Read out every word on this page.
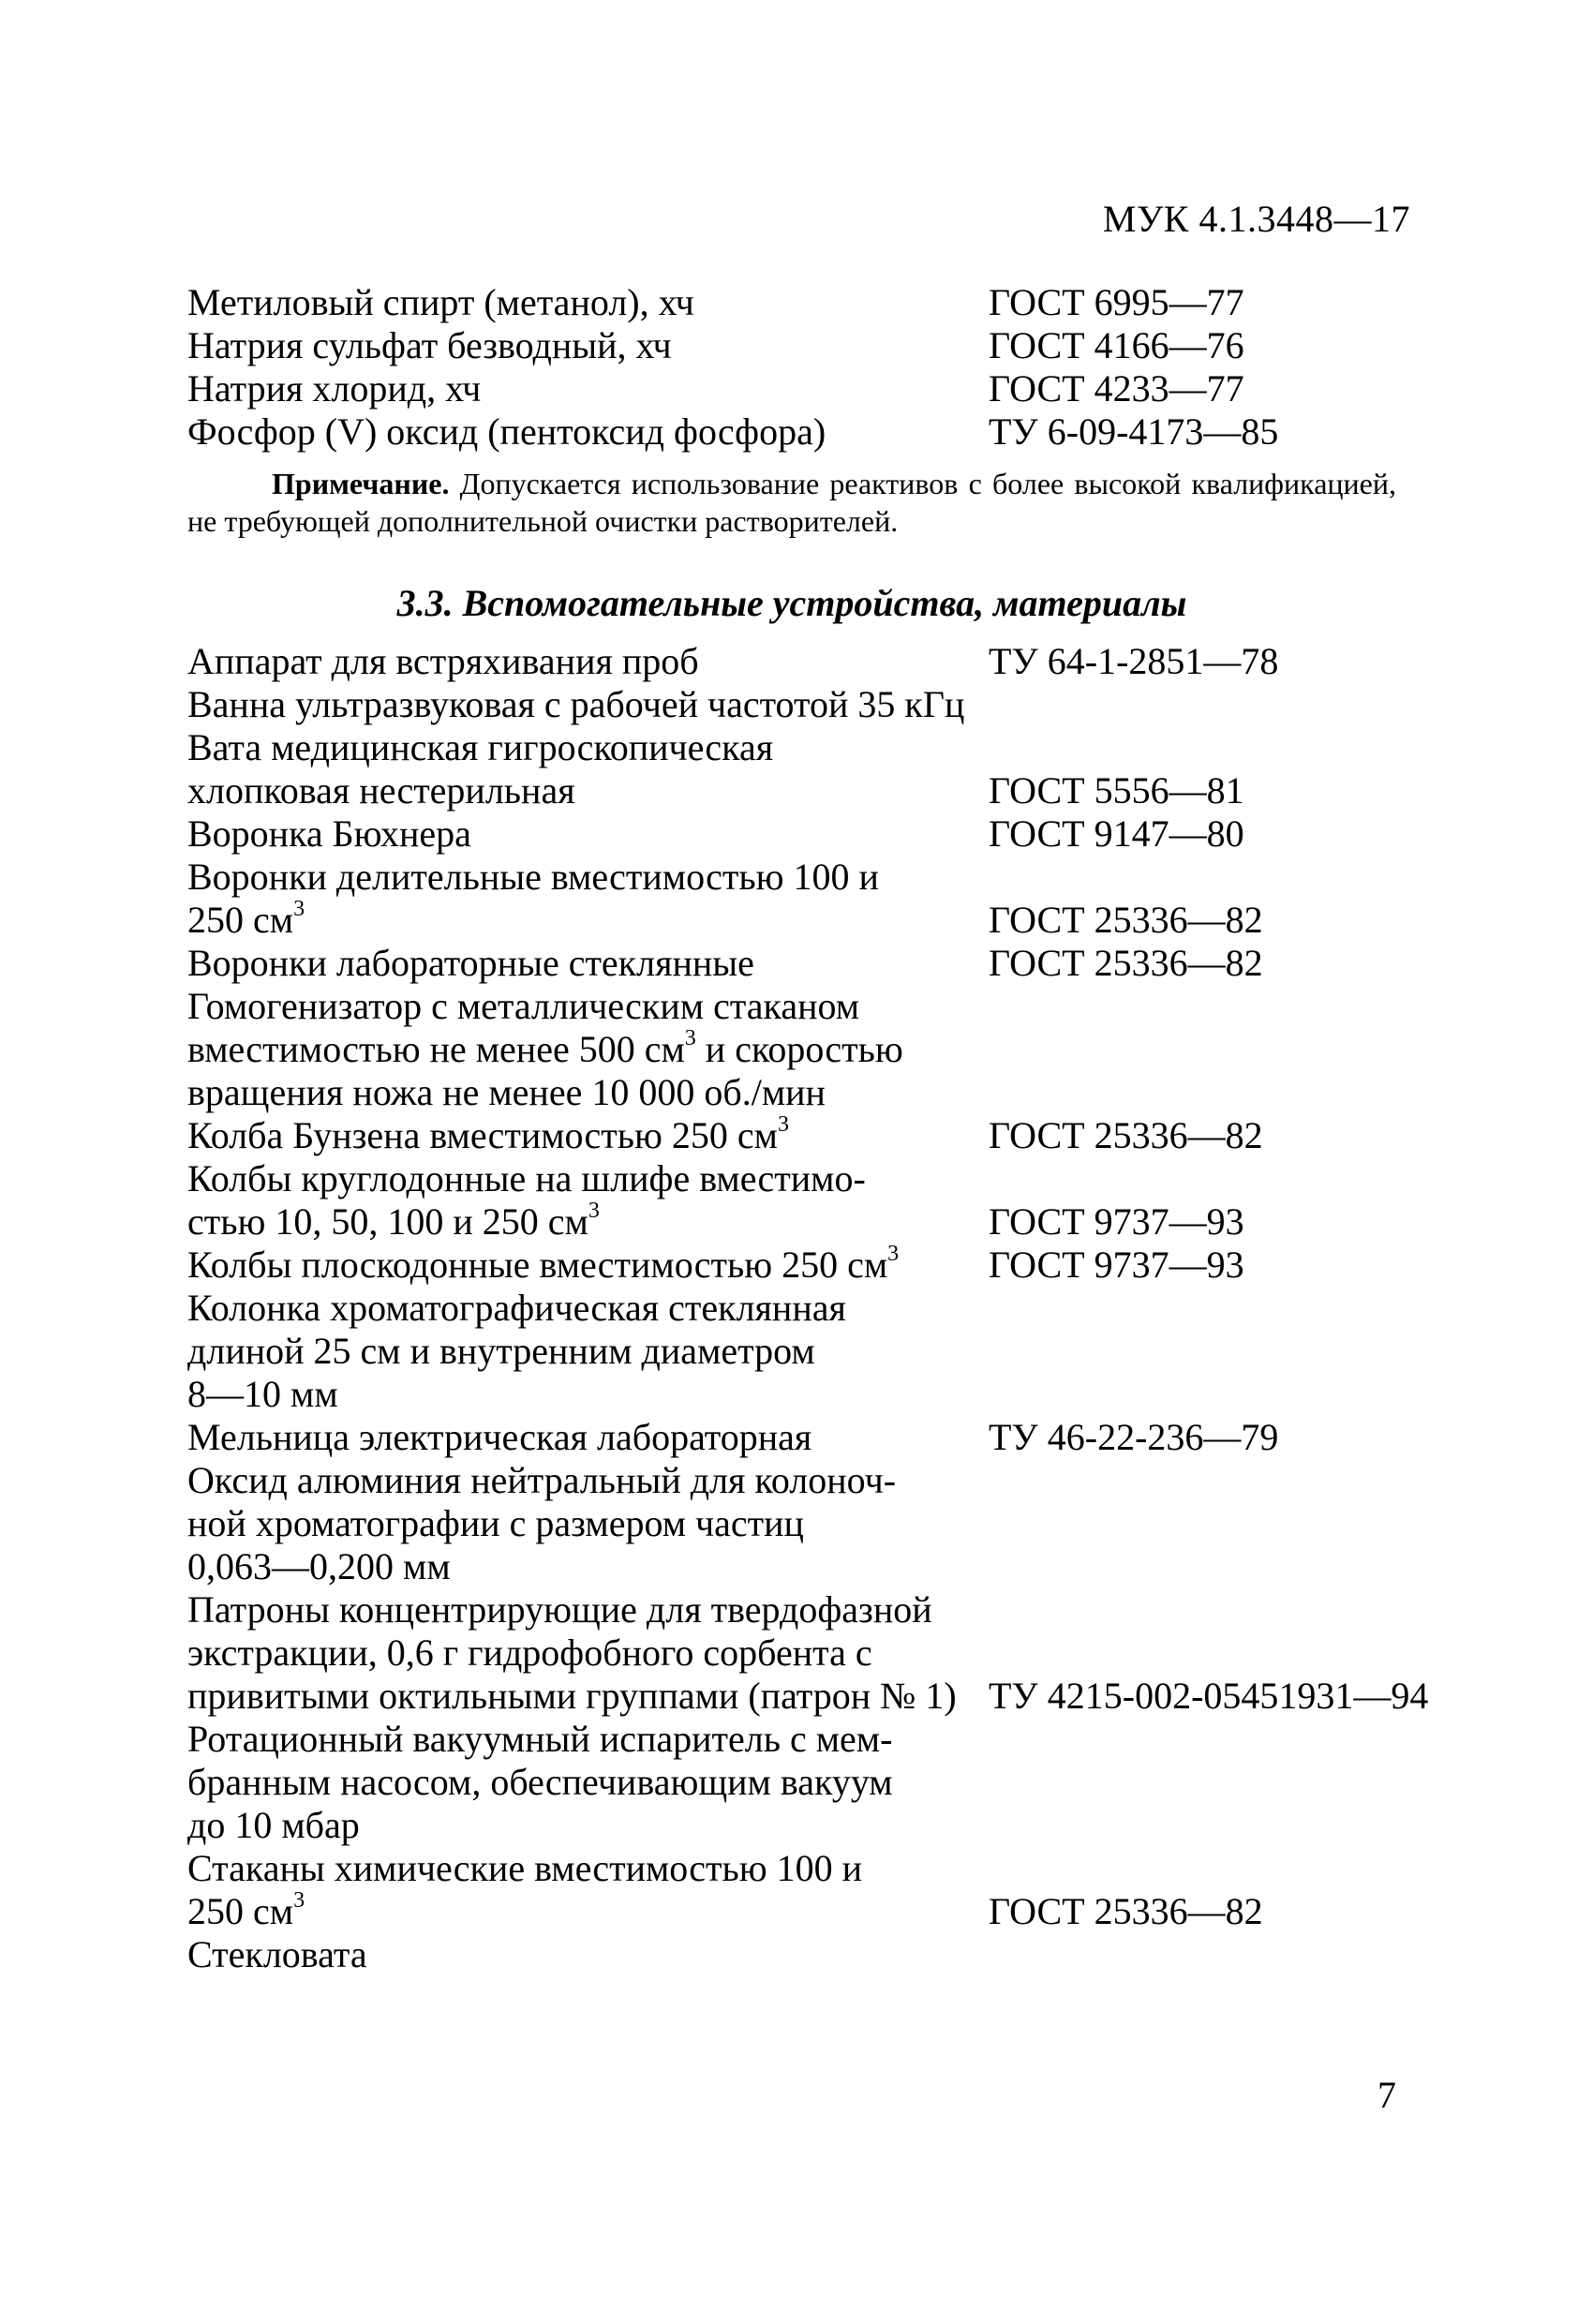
МУК 4.1.3448—17
Метиловый спирт (метанол), хч	ГОСТ 6995—77
Натрия сульфат безводный, хч	ГОСТ 4166—76
Натрия хлорид, хч	ГОСТ 4233—77
Фосфор (V) оксид (пентоксид фосфора)	ТУ 6-09-4173—85
Примечание. Допускается использование реактивов с более высокой квалификацией, не требующей дополнительной очистки растворителей.
3.3. Вспомогательные устройства, материалы
Аппарат для встряхивания проб	ТУ 64-1-2851—78
Ванна ультразвуковая с рабочей частотой 35 кГц
Вата медицинская гигроскопическая
хлопковая нестерильная	ГОСТ 5556—81
Воронка Бюхнера	ГОСТ 9147—80
Воронки делительные вместимостью 100 и
250 $см^3$	ГОСТ 25336—82
Воронки лабораторные стеклянные	ГОСТ 25336—82
Гомогенизатор с металлическим стаканом
вместимостью не менее 500 $см^3$ и скоростью
вращения ножа не менее 10 000 об./мин
Колба Бунзена вместимостью 250 $см^3$	ГОСТ 25336—82
Колбы круглодонные на шлифе вместимо-
стью 10, 50, 100 и 250 $см^3$	ГОСТ 9737—93
Колбы плоскодонные вместимостью 250 $см^3$	ГОСТ 9737—93
Колонка хроматографическая стеклянная
длиной 25 см и внутренним диаметром
8—10 мм
Мельница электрическая лабораторная	ТУ 46-22-236—79
Оксид алюминия нейтральный для колоноч-
ной хроматографии с размером частиц
0,063—0,200 мм
Патроны концентрирующие для твердофазной
экстракции, 0,6 г гидрофобного сорбента с
привитыми октильными группами (патрон № 1) ТУ 4215-002-05451931—94
Ротационный вакуумный испаритель с мем-
бранным насосом, обеспечивающим вакуум
до 10 мбар
Стаканы химические вместимостью 100 и
250 $см^3$	ГОСТ 25336—82
Стекловата
7
